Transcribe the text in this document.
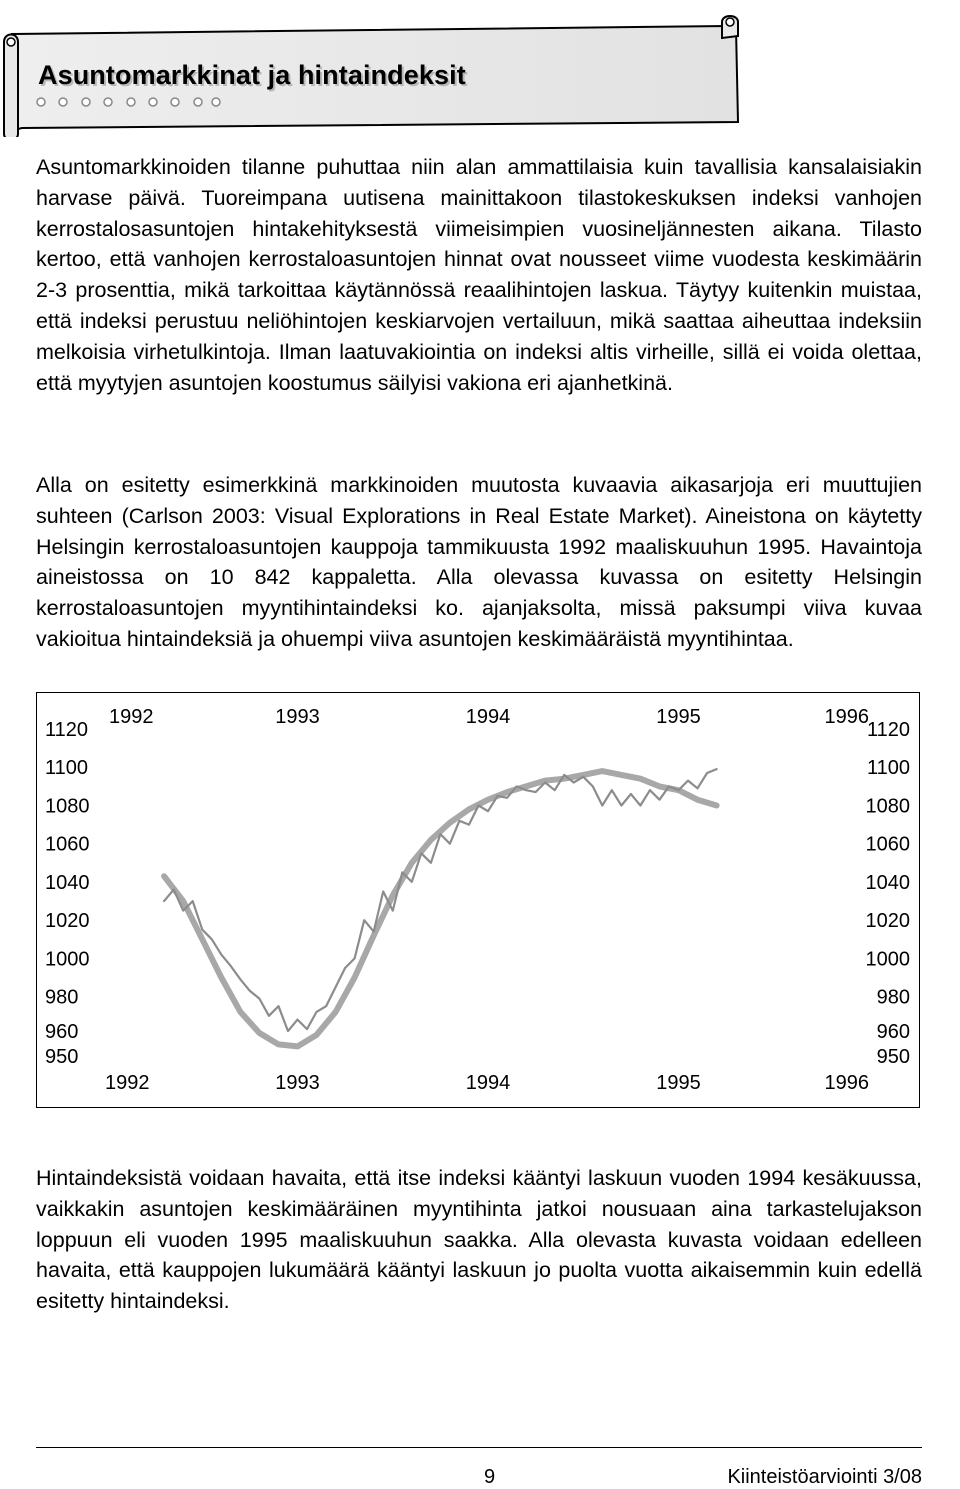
Asuntomarkkinat ja hintaindeksit

Asuntomarkkinoiden tilanne puhuttaa niin alan ammattilaisia kuin tavallisia kansalaisiakin harvase päivä. Tuoreimpana uutisena mainittakoon tilastokeskuksen indeksi vanhojen kerrostalosasuntojen hintakehityksestä viimeisimpien vuosineljännesten aikana. Tilasto kertoo, että vanhojen kerrostaloasuntojen hinnat ovat nousseet viime vuodesta keskimäärin 2-3 prosenttia, mikä tarkoittaa käytännössä reaalihintojen laskua. Täytyy kuitenkin muistaa, että indeksi perustuu neliöhintojen keskiarvojen vertailuun, mikä saattaa aiheuttaa indeksiin melkoisia virhetulkintoja. Ilman laatuvakiointia on indeksi altis virheille, sillä ei voida olettaa, että myytyjen asuntojen koostumus säilyisi vakiona eri ajanhetkinä.

Alla on esitetty esimerkkinä markkinoiden muutosta kuvaavia aikasarjoja eri muuttujien suhteen (Carlson 2003: Visual Explorations in Real Estate Market). Aineistona on käytetty Helsingin kerrostaloasuntojen kauppoja tammikuusta 1992 maaliskuuhun 1995. Havaintoja aineistossa on 10 842 kappaletta. Alla olevassa kuvassa on esitetty Helsingin kerrostaloasuntojen myyntihintaindeksi ko. ajanjaksolta, missä paksumpi viiva kuvaa vakioitua hintaindeksiä ja ohuempi viiva asuntojen keskimääräistä myyntihintaa.

1992	1993	1994	1995	1996
1992	1993	1994	1995	1996
950
960
980
1000
1020
1040
1060
1080
1100
1120
950
960
980
1000
1020
1040
1060
1080
1100
1120

Hintaindeksistä voidaan havaita, että itse indeksi kääntyi laskuun vuoden 1994 kesäkuussa, vaikkakin asuntojen keskimääräinen myyntihinta jatkoi nousuaan aina tarkastelujakson loppuun eli vuoden 1995 maaliskuuhun saakka. Alla olevasta kuvasta voidaan edelleen havaita, että kauppojen lukumäärä kääntyi laskuun jo puolta vuotta aikaisemmin kuin edellä esitetty hintaindeksi.

9	Kiinteistöarviointi 3/08
